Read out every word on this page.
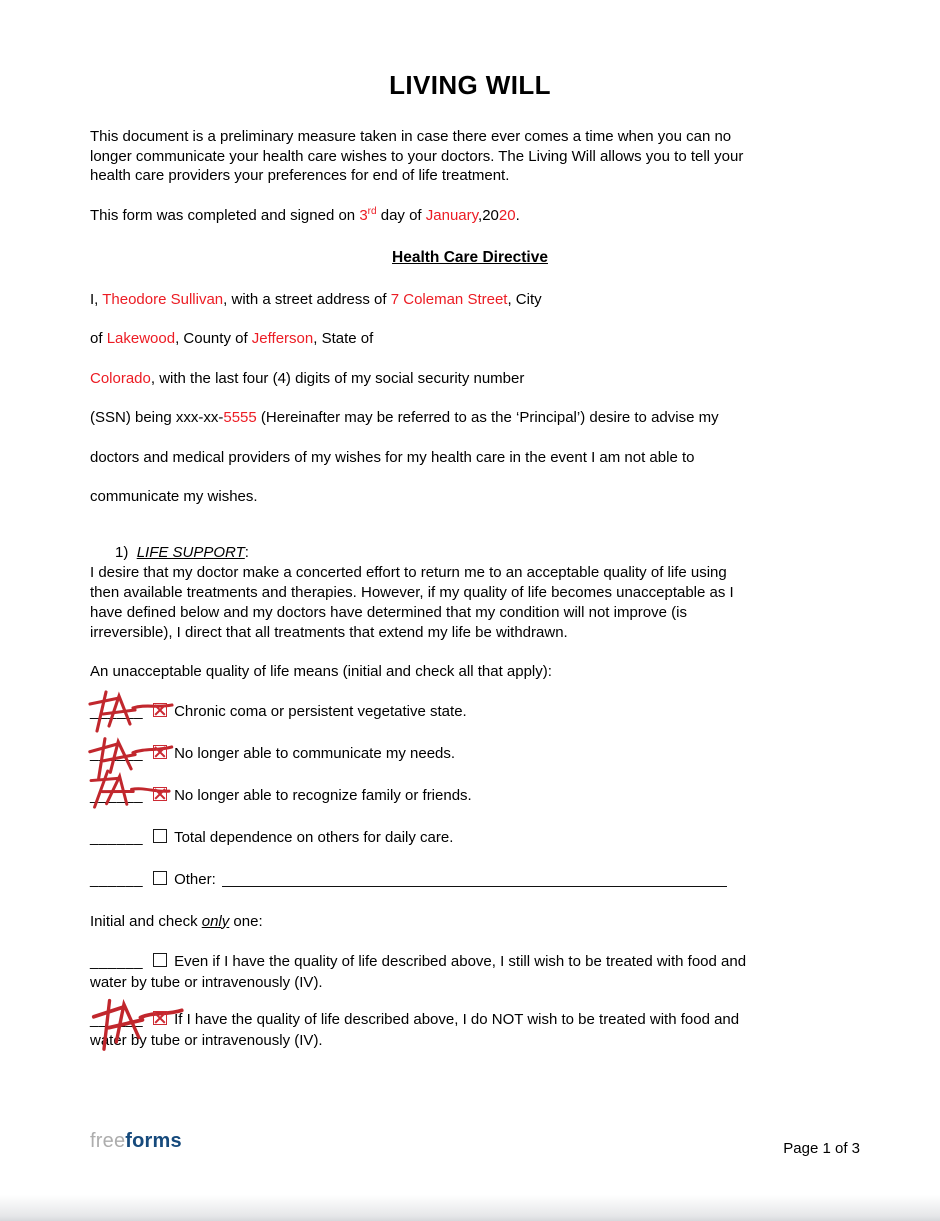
LIVING WILL
This document is a preliminary measure taken in case there ever comes a time when you can no
longer communicate your health care wishes to your doctors. The Living Will allows you to tell your
health care providers your preferences for end of life treatment.
This form was completed and signed on 3rd day of January,2020.
Health Care Directive
I, Theodore Sullivan, with a street address of 7 Coleman Street, City
of Lakewood, County of Jefferson, State of
Colorado, with the last four (4) digits of my social security number
(SSN) being xxx-xx-5555 (Hereinafter may be referred to as the ‘Principal’) desire to advise my
doctors and medical providers of my wishes for my health care in the event I am not able to
communicate my wishes.
1) LIFE SUPPORT:
I desire that my doctor make a concerted effort to return me to an acceptable quality of life using
then available treatments and therapies. However, if my quality of life becomes unacceptable as I
have defined below and my doctors have determined that my condition will not improve (is
irreversible), I direct that all treatments that extend my life be withdrawn.
An unacceptable quality of life means (initial and check all that apply):
______ Chronic coma or persistent vegetative state.
______ No longer able to communicate my needs.
______ No longer able to recognize family or friends.
______ Total dependence on others for daily care.
______ Other:
Initial and check only one:
______ Even if I have the quality of life described above, I still wish to be treated with food and
water by tube or intravenously (IV).
______ If I have the quality of life described above, I do NOT wish to be treated with food and
water by tube or intravenously (IV).
freeforms	Page 1 of 3
